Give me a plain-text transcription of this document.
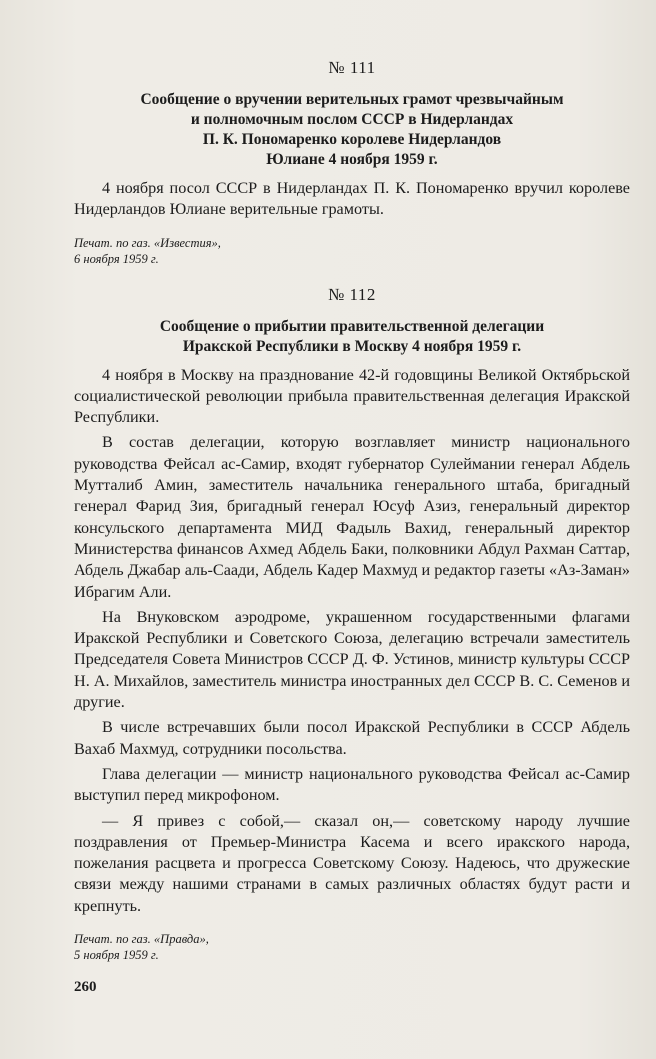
№ 111
Сообщение о вручении верительных грамот чрезвычайным
и полномочным послом СССР в Нидерландах
П. К. Пономаренко королеве Нидерландов
Юлиане 4 ноября 1959 г.

4 ноября посол СССР в Нидерландах П. К. Пономаренко вручил королеве Нидерландов Юлиане верительные грамоты.

Печат. по газ. «Известия»,
6 ноября 1959 г.
№ 112
Сообщение о прибытии правительственной делегации
Иракской Республики в Москву 4 ноября 1959 г.

4 ноября в Москву на празднование 42-й годовщины Великой Октябрьской социалистической революции прибыла правительственная делегация Иракской Республики.

В состав делегации, которую возглавляет министр национального руководства Фейсал ас-Самир, входят губернатор Сулеймании генерал Абдель Мутталиб Амин, заместитель начальника генерального штаба, бригадный генерал Фарид Зия, бригадный генерал Юсуф Азиз, генеральный директор консульского департамента МИД Фадыль Вахид, генеральный директор Министерства финансов Ахмед Абдель Баки, полковники Абдул Рахман Саттар, Абдель Джабар аль-Саади, Абдель Кадер Махмуд и редактор газеты «Аз-Заман» Ибрагим Али.

На Внуковском аэродроме, украшенном государственными флагами Иракской Республики и Советского Союза, делегацию встречали заместитель Председателя Совета Министров СССР Д. Ф. Устинов, министр культуры СССР Н. А. Михайлов, заместитель министра иностранных дел СССР В. С. Семенов и другие.

В числе встречавших были посол Иракской Республики в СССР Абдель Вахаб Махмуд, сотрудники посольства.

Глава делегации — министр национального руководства Фейсал ас-Самир выступил перед микрофоном.

— Я привез с собой,— сказал он,— советскому народу лучшие поздравления от Премьер-Министра Касема и всего иракского народа, пожелания расцвета и прогресса Советскому Союзу. Надеюсь, что дружеские связи между нашими странами в самых различных областях будут расти и крепнуть.

Печат. по газ. «Правда»,
5 ноября 1959 г.
260
